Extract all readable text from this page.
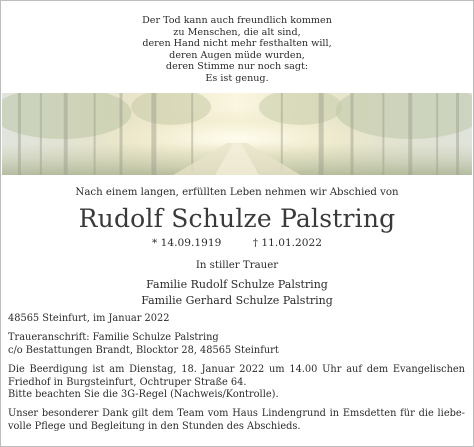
Der Tod kann auch freundlich kommen
zu Menschen, die alt sind,
deren Hand nicht mehr festhalten will,
deren Augen müde wurden,
deren Stimme nur noch sagt:
Es ist genug.
Nach einem langen, erfüllten Leben nehmen wir Abschied von
Rudolf Schulze Palstring
* 14.09.1919	† 11.01.2022
In stiller Trauer
Familie Rudolf Schulze Palstring
Familie Gerhard Schulze Palstring
48565 Steinfurt, im Januar 2022
Traueranschrift: Familie Schulze Palstring
c/o Bestattungen Brandt, Blocktor 28, 48565 Steinfurt
Die Beerdigung ist am Dienstag, 18. Januar 2022 um 14.00 Uhr auf dem Evangelischen
Friedhof in Burgsteinfurt, Ochtruper Straße 64.
Bitte beachten Sie die 3G-Regel (Nachweis/Kontrolle).
Unser besonderer Dank gilt dem Team vom Haus Lindengrund in Emsdetten für die liebe-
volle Pflege und Begleitung in den Stunden des Abschieds.
